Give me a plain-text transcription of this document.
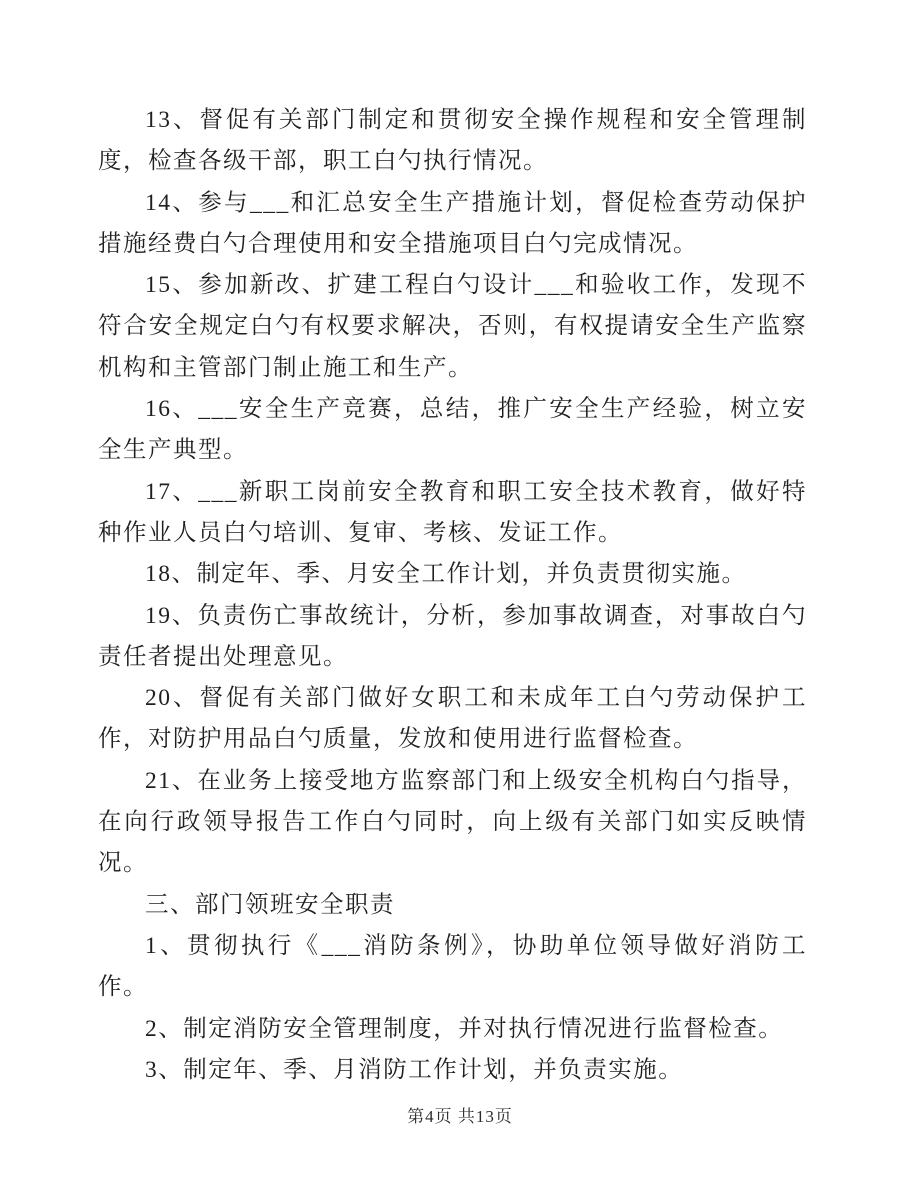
13、督促有关部门制定和贯彻安全操作规程和安全管理制度，检查各级干部，职工白勺执行情况。

14、参与___和汇总安全生产措施计划，督促检查劳动保护措施经费白勺合理使用和安全措施项目白勺完成情况。

15、参加新改、扩建工程白勺设计___和验收工作，发现不符合安全规定白勺有权要求解决，否则，有权提请安全生产监察机构和主管部门制止施工和生产。

16、___安全生产竞赛，总结，推广安全生产经验，树立安全生产典型。

17、___新职工岗前安全教育和职工安全技术教育，做好特种作业人员白勺培训、复审、考核、发证工作。

18、制定年、季、月安全工作计划，并负责贯彻实施。

19、负责伤亡事故统计，分析，参加事故调查，对事故白勺责任者提出处理意见。

20、督促有关部门做好女职工和未成年工白勺劳动保护工作，对防护用品白勺质量，发放和使用进行监督检查。

21、在业务上接受地方监察部门和上级安全机构白勺指导，在向行政领导报告工作白勺同时，向上级有关部门如实反映情况。

三、部门领班安全职责

1、贯彻执行《___消防条例》，协助单位领导做好消防工作。

2、制定消防安全管理制度，并对执行情况进行监督检查。

3、制定年、季、月消防工作计划，并负责实施。

第4页 共13页
